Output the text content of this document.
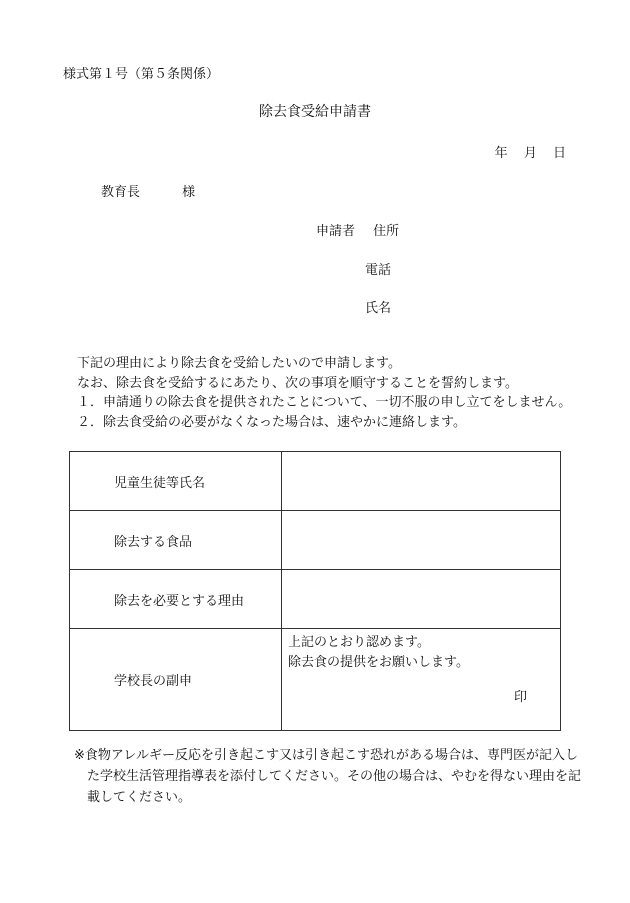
様式第１号（第５条関係）
除去食受給申請書
年 月 日
教育長	様
申請者 住所
電話
氏名
下記の理由により除去食を受給したいので申請します。
なお、除去食を受給するにあたり、次の事項を順守することを誓約します。
１．申請通りの除去食を提供されたことについて、一切不服の申し立てをしません。
２．除去食受給の必要がなくなった場合は、速やかに連絡します。
児童生徒等氏名	
除去する食品	
除去を必要とする理由	
学校長の副申	上記のとおり認めます。
除去食の提供をお願いします。
印
※食物アレルギー反応を引き起こす又は引き起こす恐れがある場合は、専門医が記入し
た学校生活管理指導表を添付してください。その他の場合は、やむを得ない理由を記
載してください。
